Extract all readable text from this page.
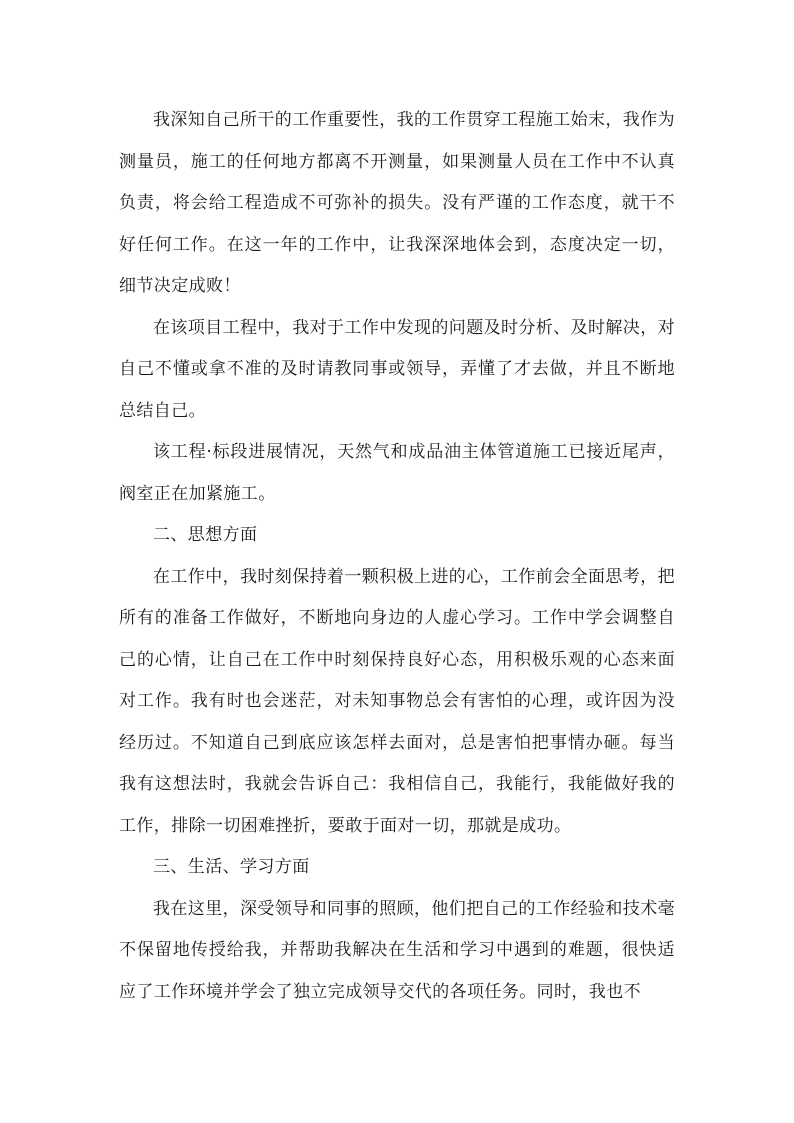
我深知自己所干的工作重要性，我的工作贯穿工程施工始末，我作为测量员，施工的任何地方都离不开测量，如果测量人员在工作中不认真负责，将会给工程造成不可弥补的损失。没有严谨的工作态度，就干不好任何工作。在这一年的工作中，让我深深地体会到，态度决定一切，细节决定成败！

在该项目工程中，我对于工作中发现的问题及时分析、及时解决，对自己不懂或拿不准的及时请教同事或领导，弄懂了才去做，并且不断地总结自己。

该工程·标段进展情况，天然气和成品油主体管道施工已接近尾声，阀室正在加紧施工。

二、思想方面

在工作中，我时刻保持着一颗积极上进的心，工作前会全面思考，把所有的准备工作做好，不断地向身边的人虚心学习。工作中学会调整自己的心情，让自己在工作中时刻保持良好心态，用积极乐观的心态来面对工作。我有时也会迷茫，对未知事物总会有害怕的心理，或许因为没经历过。不知道自己到底应该怎样去面对，总是害怕把事情办砸。每当我有这想法时，我就会告诉自己：我相信自己，我能行，我能做好我的工作，排除一切困难挫折，要敢于面对一切，那就是成功。

三、生活、学习方面

我在这里，深受领导和同事的照顾，他们把自己的工作经验和技术毫不保留地传授给我，并帮助我解决在生活和学习中遇到的难题，很快适应了工作环境并学会了独立完成领导交代的各项任务。同时，我也不
